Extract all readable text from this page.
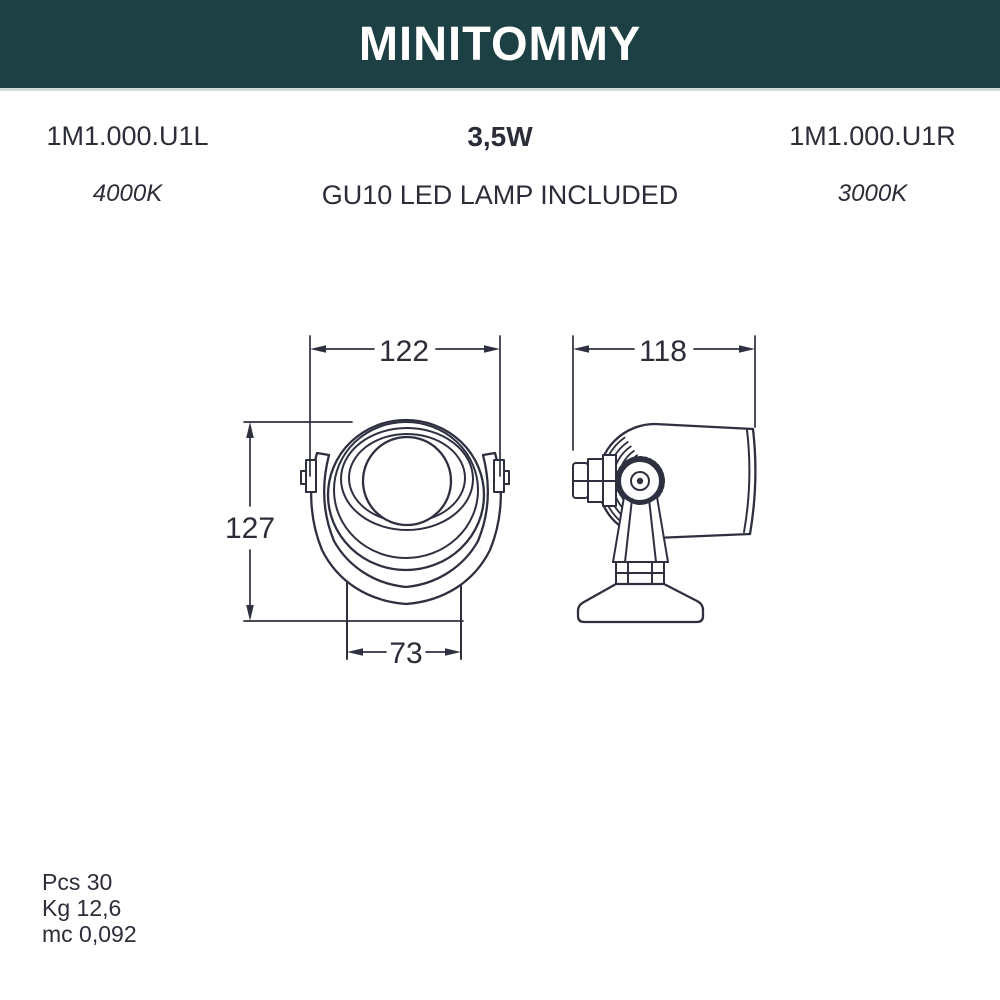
MINITOMMY
1M1.000.U1L	3,5W	1M1.000.U1R
4000K	GU10 LED LAMP INCLUDED	3000K
122
127
73
118
Pcs 30
Kg 12,6
mc 0,092
